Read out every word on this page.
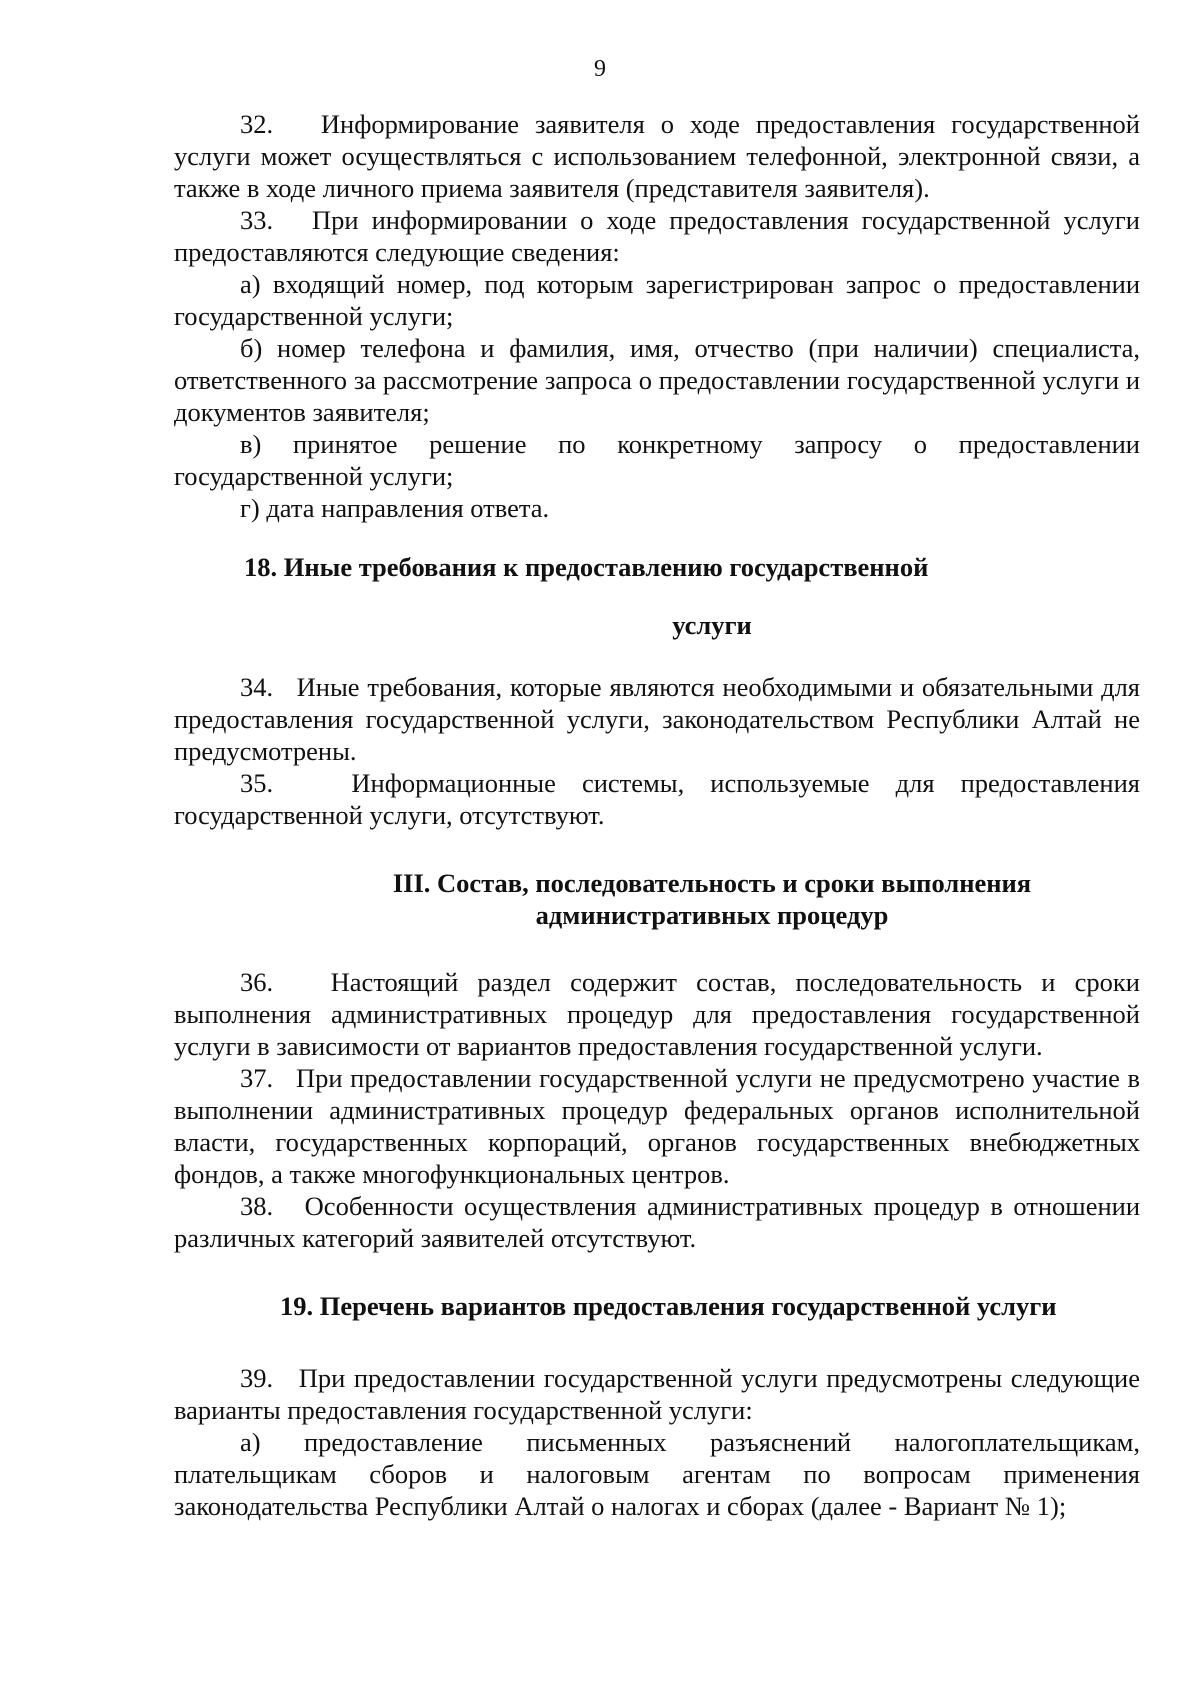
9

32.   Информирование заявителя о ходе предоставления государственной услуги может осуществляться с использованием телефонной, электронной связи, а также в ходе личного приема заявителя (представителя заявителя).

33.   При информировании о ходе предоставления государственной услуги предоставляются следующие сведения:

а) входящий номер, под которым зарегистрирован запрос о предоставлении государственной услуги;

б) номер телефона и фамилия, имя, отчество (при наличии) специалиста, ответственного за рассмотрение запроса о предоставлении государственной услуги и документов заявителя;

в) принятое решение по конкретному запросу о предоставлении государственной услуги;

г) дата направления ответа.

18. Иные требования к предоставлению государственной

услуги

34.   Иные требования, которые являются необходимыми и обязательными для предоставления государственной услуги, законодательством Республики Алтай не предусмотрены.

35.   Информационные системы, используемые для предоставления государственной услуги, отсутствуют.

III. Состав, последовательность и сроки выполнения административных процедур

36.   Настоящий раздел содержит состав, последовательность и сроки выполнения административных процедур для предоставления государственной услуги в зависимости от вариантов предоставления государственной услуги.

37.   При предоставлении государственной услуги не предусмотрено участие в выполнении административных процедур федеральных органов исполнительной власти, государственных корпораций, органов государственных внебюджетных фондов, а также многофункциональных центров.

38.   Особенности осуществления административных процедур в отношении различных категорий заявителей отсутствуют.

19. Перечень вариантов предоставления государственной услуги

39.   При предоставлении государственной услуги предусмотрены следующие варианты предоставления государственной услуги:

а) предоставление письменных разъяснений налогоплательщикам, плательщикам сборов и налоговым агентам по вопросам применения законодательства Республики Алтай о налогах и сборах (далее - Вариант № 1);
